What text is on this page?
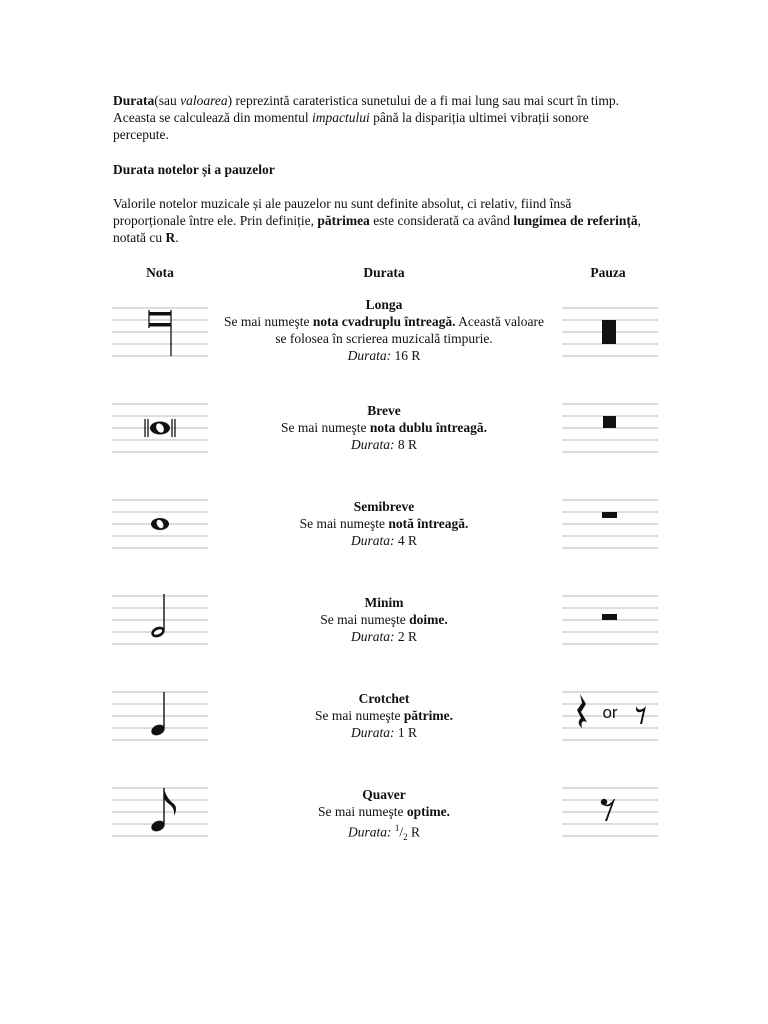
Durata(sau valoarea) reprezintă carateristica sunetului de a fi mai lung sau mai scurt în timp. Aceasta se calculează din momentul impactului până la dispariția ultimei vibrații sonore percepute.

Durata notelor și a pauzelor

Valorile notelor muzicale și ale pauzelor nu sunt definite absolut, ci relativ, fiind însă proporționale între ele. Prin definiție, pătrimea este considerată ca având lungimea de referință, notată cu R.

Nota	Durata	Pauza
Longa
Se mai numeşte nota cvadruplu întreagă. Această valoare se folosea în scrierea muzicală timpurie.
Durata: 16 R
Breve
Se mai numeşte nota dublu întreagă.
Durata: 8 R
Semibreve
Se mai numeşte notă întreagă.
Durata: 4 R
Minim
Se mai numeşte doime.
Durata: 2 R
Crotchet
Se mai numeşte pătrime.
Durata: 1 R
or
Quaver
Se mai numeşte optime.
Durata: $^1/_2$ R
